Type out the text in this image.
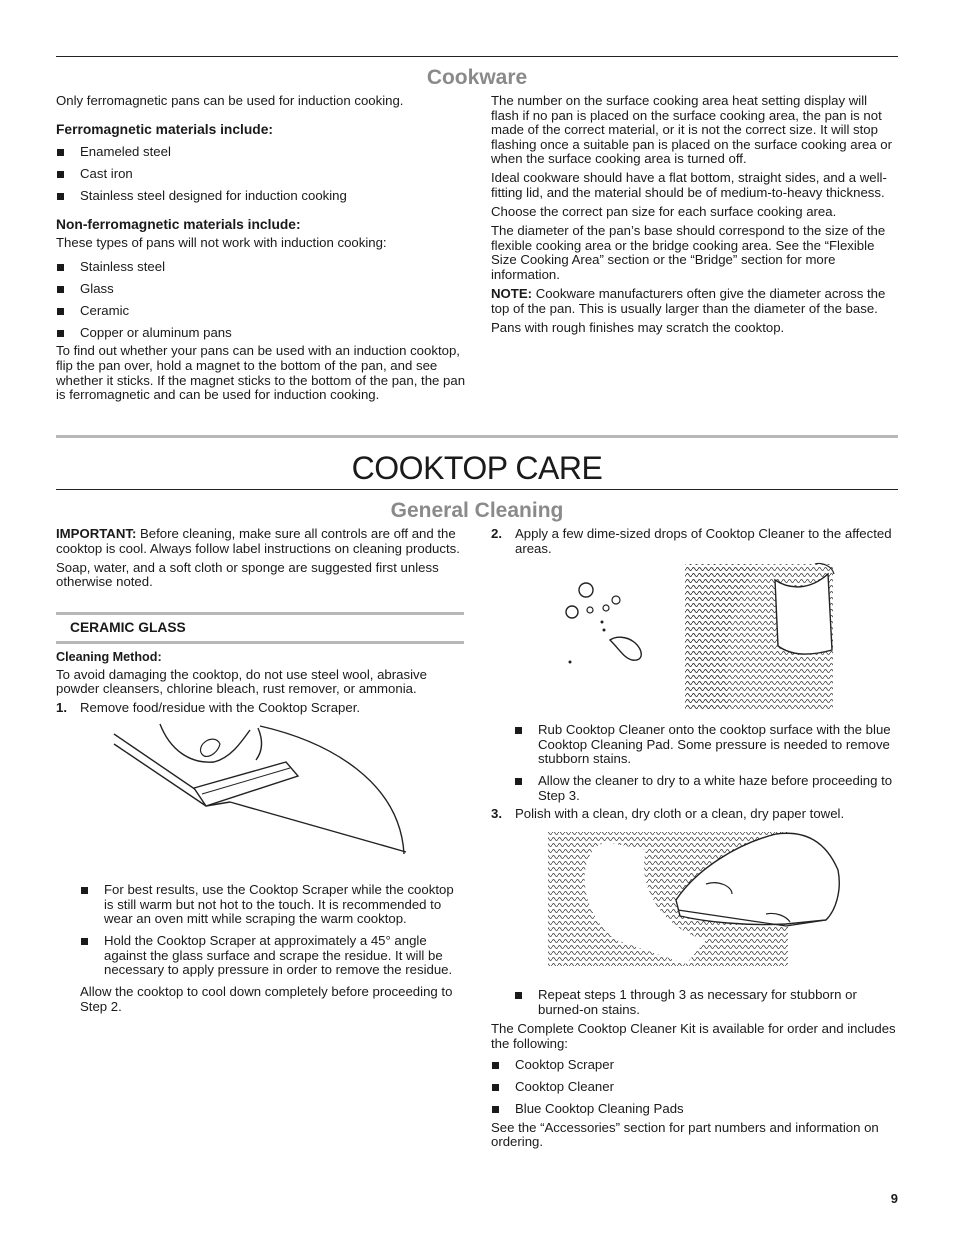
Cookware

Only ferromagnetic pans can be used for induction cooking.

Ferromagnetic materials include:
Enameled steel
Cast iron
Stainless steel designed for induction cooking
Non-ferromagnetic materials include:

These types of pans will not work with induction cooking:

Stainless steel
Glass
Ceramic
Copper or aluminum pans

To find out whether your pans can be used with an induction cooktop, flip the pan over, hold a magnet to the bottom of the pan, and see whether it sticks. If the magnet sticks to the bottom of the pan, the pan is ferromagnetic and can be used for induction cooking.

The number on the surface cooking area heat setting display will flash if no pan is placed on the surface cooking area, the pan is not made of the correct material, or it is not the correct size. It will stop flashing once a suitable pan is placed on the surface cooking area or when the surface cooking area is turned off.

Ideal cookware should have a flat bottom, straight sides, and a well-fitting lid, and the material should be of medium-to-heavy thickness.

Choose the correct pan size for each surface cooking area.

The diameter of the pan’s base should correspond to the size of the flexible cooking area or the bridge cooking area. See the “Flexible Size Cooking Area” section or the “Bridge” section for more information.

NOTE: Cookware manufacturers often give the diameter across the top of the pan. This is usually larger than the diameter of the base.

Pans with rough finishes may scratch the cooktop.

COOKTOP CARE
General Cleaning

IMPORTANT: Before cleaning, make sure all controls are off and the cooktop is cool. Always follow label instructions on cleaning products.

Soap, water, and a soft cloth or sponge are suggested first unless otherwise noted.

CERAMIC GLASS
Cleaning Method:

To avoid damaging the cooktop, do not use steel wool, abrasive powder cleansers, chlorine bleach, rust remover, or ammonia.

1. Remove food/residue with the Cooktop Scraper.
For best results, use the Cooktop Scraper while the cooktop is still warm but not hot to the touch. It is recommended to wear an oven mitt while scraping the warm cooktop.
Hold the Cooktop Scraper at approximately a 45° angle against the glass surface and scrape the residue. It will be necessary to apply pressure in order to remove the residue.

Allow the cooktop to cool down completely before proceeding to Step 2.

2. Apply a few dime-sized drops of Cooktop Cleaner to the affected areas.
Rub Cooktop Cleaner onto the cooktop surface with the blue Cooktop Cleaning Pad. Some pressure is needed to remove stubborn stains.
Allow the cleaner to dry to a white haze before proceeding to Step 3.
3. Polish with a clean, dry cloth or a clean, dry paper towel.
Repeat steps 1 through 3 as necessary for stubborn or burned-on stains.

The Complete Cooktop Cleaner Kit is available for order and includes the following:

Cooktop Scraper
Cooktop Cleaner
Blue Cooktop Cleaning Pads

See the “Accessories” section for part numbers and information on ordering.

9
